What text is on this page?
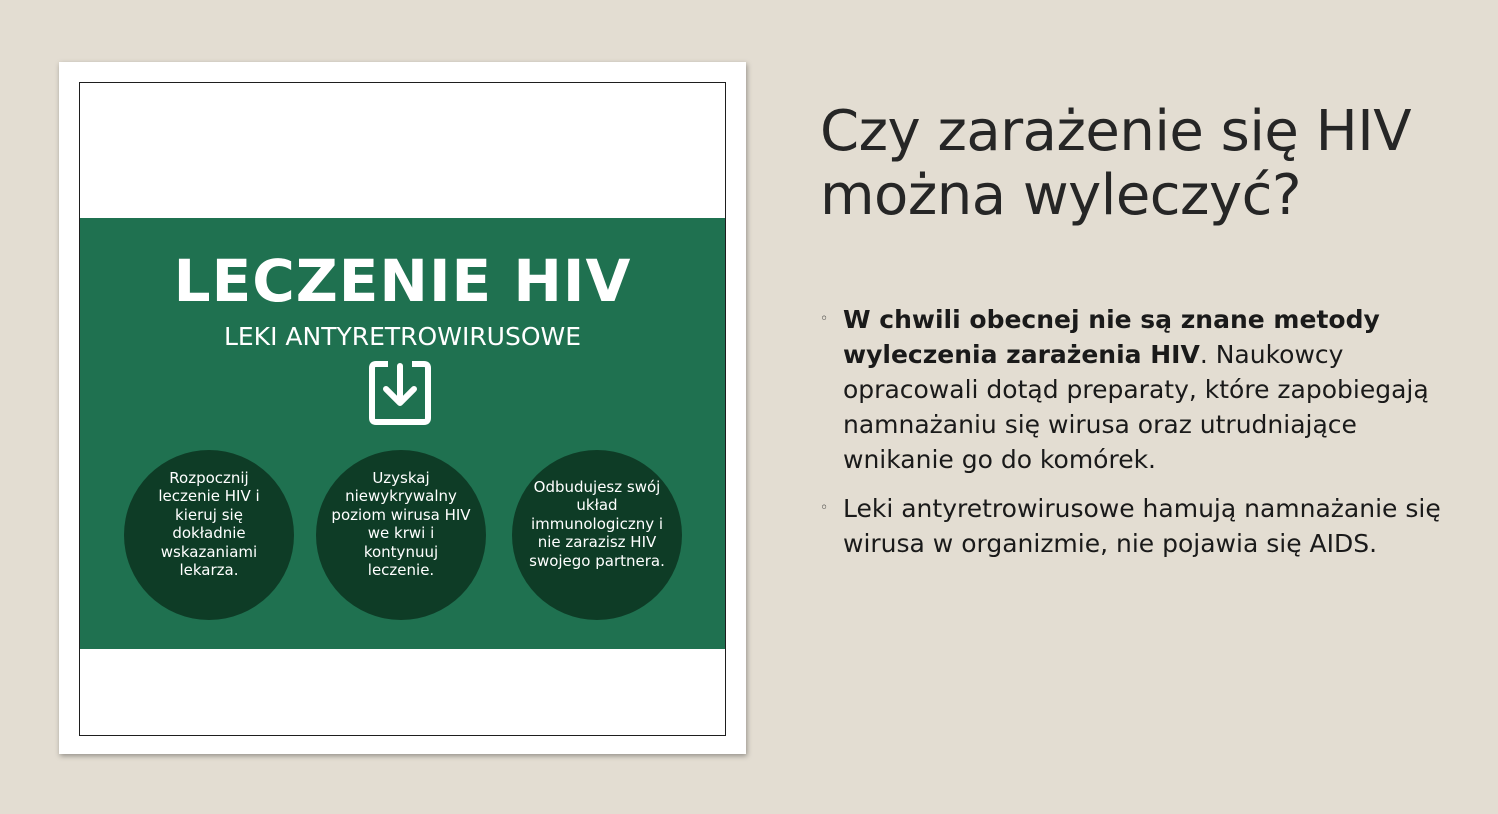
LECZENIE HIV
LEKI ANTYRETROWIRUSOWE
Rozpocznij leczenie HIV i kieruj się dokładnie wskazaniami lekarza.
Uzyskaj niewykrywalny poziom wirusa HIV we krwi i kontynuuj leczenie.
Odbudujesz swój układ immunologiczny i nie zarazisz HIV swojego partnera.
Czy zarażenie się HIV można wyleczyć?
◦ W chwili obecnej nie są znane metody wyleczenia zarażenia HIV. Naukowcy opracowali dotąd preparaty, które zapobiegają namnażaniu się wirusa oraz utrudniające wnikanie go do komórek.
◦ Leki antyretrowirusowe hamują namnażanie się wirusa w organizmie, nie pojawia się AIDS.
